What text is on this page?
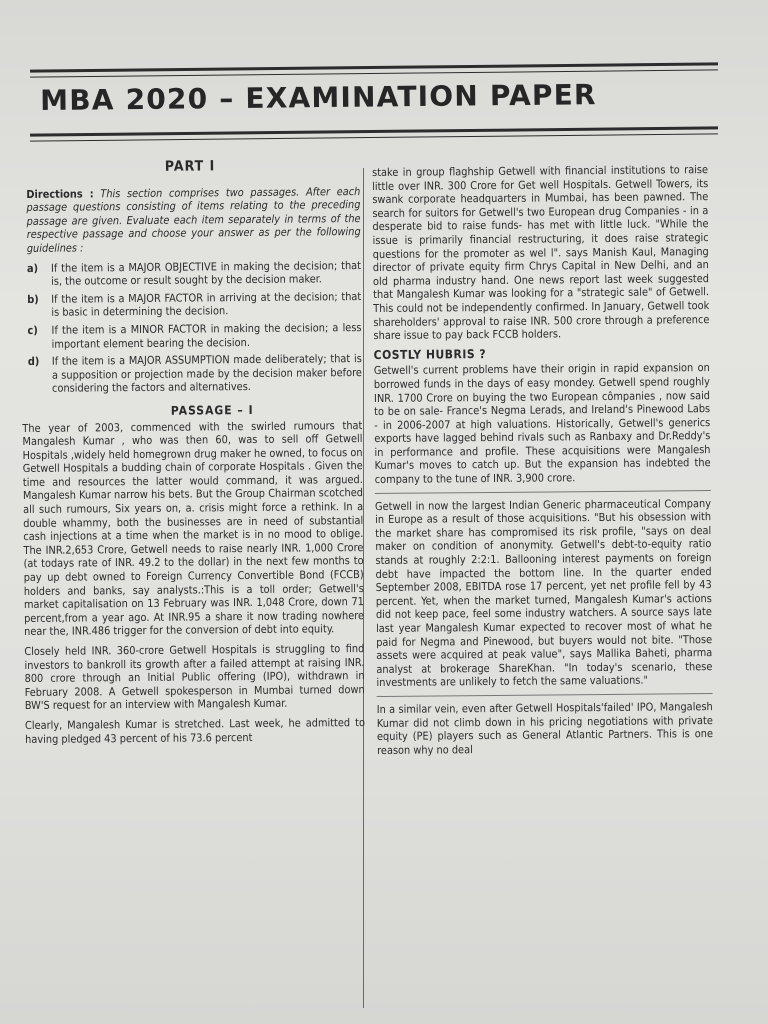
MBA 2020 – EXAMINATION PAPER
PART I
Directions : This section comprises two passages. After each passage questions consisting of items relating to the preceding passage are given. Evaluate each item separately in terms of the respective passage and choose your answer as per the following guidelines :
a)	If the item is a MAJOR OBJECTIVE in making the decision; that is, the outcome or result sought by the decision maker.
b)	If the item is a MAJOR FACTOR in arriving at the decision; that is basic in determining the decision.
c)	If the item is a MINOR FACTOR in making the decision; a less important element bearing the decision.
d)	If the item is a MAJOR ASSUMPTION made deliberately; that is a supposition or projection made by the decision maker before considering the factors and alternatives.
PASSAGE – I

The year of 2003, commenced with the swirled rumours that Mangalesh Kumar , who was then 60, was to sell off Getwell Hospitals ,widely held homegrown drug maker he owned, to focus on Getwell Hospitals a budding chain of corporate Hospitals . Given the time and resources the latter would command, it was argued. Mangalesh Kumar narrow his bets. But the Group Chairman scotched all such rumours, Six years on, a. crisis might force a rethink. In a double whammy, both the businesses are in need of substantial cash injections at a time when the market is in no mood to oblige. The INR.2,653 Crore, Getwell needs to raise nearly INR. 1,000 Crore (at todays rate of INR. 49.2 to the dollar) in the next few months to pay up debt owned to Foreign Currency Convertible Bond (FCCB) holders and banks, say analysts.:This is a toll order; Getwell's market capitalisation on 13 February was INR. 1,048 Crore, down 71 percent,from a year ago. At INR.95 a share it now trading nowhere near the, INR.486 trigger for the conversion of debt into equity.

Closely held INR. 360-crore Getwell Hospitals is struggling to find investors to bankroll its growth after a failed attempt at raising INR. 800 crore through an Initial Public offering (IPO), withdrawn in February 2008. A Getwell spokesperson in Mumbai turned down BW'S request for an interview with Mangalesh Kumar.

Clearly, Mangalesh Kumar is stretched. Last week, he admitted to having pledged 43 percent of his 73.6 percent

stake in group flaghship Getwell with financial institutions to raise little over INR. 300 Crore for Get well Hospitals. Getwell Towers, its swank corporate headquarters in Mumbai, has been pawned. The search for suitors for Getwell's two European drug Companies - in a desperate bid to raise funds- has met with little luck. "While the issue is primarily financial restructuring, it does raise strategic questions for the promoter as wel l". says Manish Kaul, Managing director of private equity firm Chrys Capital in New Delhi, and an old pharma industry hand. One news report last week suggested that Mangalesh Kumar was looking for a "strategic sale" of Getwell. This could not be independently confirmed. In January, Getwell took shareholders' approval to raise INR. 500 crore through a preference share issue to pay back FCCB holders.

COSTLY HUBRIS ?

Getwell's current problems have their origin in rapid expansion on borrowed funds in the days of easy mondey. Getwell spend roughly INR. 1700 Crore on buying the two European cômpanies , now said to be on sale- France's Negma Lerads, and Ireland's Pinewood Labs - in 2006-2007 at high valuations. Historically, Getwell's generics exports have lagged behind rivals such as Ranbaxy and Dr.Reddy's in performance and profile. These acquisitions were Mangalesh Kumar's moves to catch up. But the expansion has indebted the company to the tune of INR. 3,900 crore.

Getwell in now the largest Indian Generic pharmaceutical Company in Europe as a result of those acquisitions. "But his obsession with the market share has compromised its risk profile, "says on deal maker on condition of anonymity. Getwell's debt-to-equity ratio stands at roughly 2:2:1. Ballooning interest payments on foreign debt have impacted the bottom line. In the quarter ended September 2008, EBITDA rose 17 percent, yet net profile fell by 43 percent. Yet, when the market turned, Mangalesh Kumar's actions did not keep pace, feel some industry watchers. A source says late last year Mangalesh Kumar expected to recover most of what he paid for Negma and Pinewood, but buyers would not bite. "Those assets were acquired at peak value", says Mallika Baheti, pharma analyst at brokerage ShareKhan. "In today's scenario, these investments are unlikely to fetch the same valuations."

In a similar vein, even after Getwell Hospitals'failed' IPO, Mangalesh Kumar did not climb down in his pricing negotiations with private equity (PE) players such as General Atlantic Partners. This is one reason why no deal
